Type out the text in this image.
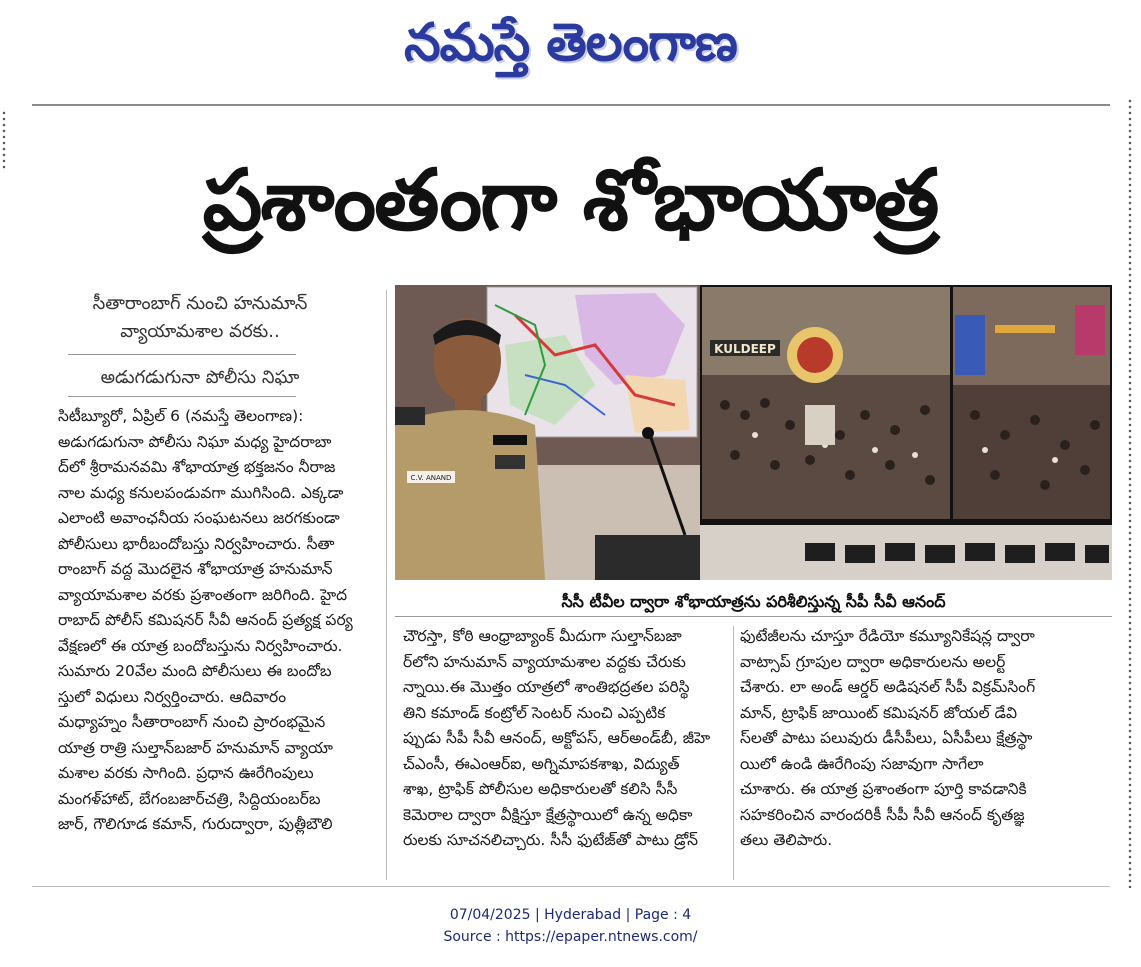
నమస్తే తెలంగాణ
ప్రశాంతంగా శోభాయాత్ర
సీతారాంబాగ్‌ నుంచి హనుమాన్‌ వ్యాయామశాల వరకు..
అడుగడుగునా పోలీసు నిఘా
సిటీబ్యూరో, ఏప్రిల్‌ 6 (నమస్తే తెలంగాణ):
అడుగడుగునా పోలీసు నిఘా మధ్య హైదరాబా
ద్‌లో శ్రీరామనవమి శోభాయాత్ర భక్తజనం నీరాజ
నాల మధ్య కనులపండువగా ముగిసింది. ఎక్కడా
ఎలాంటి అవాంఛనీయ సంఘటనలు జరగకుండా
పోలీసులు భారీబందోబస్తు నిర్వహించారు. సీతా
రాంబాగ్‌ వద్ద మొదలైన శోభాయాత్ర హనుమాన్‌
వ్యాయామశాల వరకు ప్రశాంతంగా జరిగింది. హైద
రాబాద్‌ పోలీస్‌ కమిషనర్‌ సీవీ ఆనంద్‌ ప్రత్యక్ష పర్య
వేక్షణలో ఈ యాత్ర బందోబస్తును నిర్వహించారు.
సుమారు 20వేల మంది పోలీసులు ఈ బందోబ
స్తులో విధులు నిర్వర్తించారు. ఆదివారం
మధ్యాహ్నం సీతారాంబాగ్‌ నుంచి ప్రారంభమైన
యాత్ర రాత్రి సుల్తాన్‌బజార్‌ హనుమాన్‌ వ్యాయా
మశాల వరకు సాగింది. ప్రధాన ఊరేగింపులు
మంగళ్‌హాట్‌, బేగంబజార్‌చత్రి, సిద్దియంబర్‌బ
జార్‌, గౌలిగూడ కమాన్‌, గురుద్వారా, పుత్లీబౌలి
KULDEEP
C.V. ANAND
సీసీ టీవీల ద్వారా శోభాయాత్రను పరిశీలిస్తున్న సీపీ సీవీ ఆనంద్‌
చౌరస్తా, కోఠి ఆంధ్రాబ్యాంక్‌ మీదుగా సుల్తాన్‌బజా
ర్‌లోని హనుమాన్‌ వ్యాయామశాల వద్దకు చేరుకు
న్నాయి.ఈ మొత్తం యాత్రలో శాంతిభద్రతల పరిస్థి
తిని కమాండ్‌ కంట్రోల్‌ సెంటర్‌ నుంచి ఎప్పటిక
ప్పుడు సీపీ సీవీ ఆనంద్‌, అక్టోపస్‌, ఆర్‌అండ్‌బీ, జీహె
చ్‌ఎంసీ, ఈఎంఆర్‌ఐ, అగ్నిమాపకశాఖ, విద్యుత్‌
శాఖ, ట్రాఫిక్‌ పోలీసుల అధికారులతో కలిసి సీసీ
కెమెరాల ద్వారా వీక్షిస్తూ క్షేత్రస్థాయిలో ఉన్న అధికా
రులకు సూచనలిచ్చారు. సీసీ ఫుటేజ్‌తో పాటు డ్రోన్‌
ఫుటేజీలను చూస్తూ రేడియో కమ్యూనికేషన్ల ద్వారా
వాట్సాప్‌ గ్రూపుల ద్వారా అధికారులను అలర్ట్‌
చేశారు. లా అండ్‌ ఆర్డర్‌ అడిషనల్‌ సీపీ విక్రమ్‌సింగ్‌
మాన్‌, ట్రాఫిక్‌ జాయింట్‌ కమిషనర్‌ జోయల్‌ డేవి
స్‌లతో పాటు పలువురు డీసీపీలు, ఏసీపీలు క్షేత్రస్థా
యిలో ఉండి ఊరేగింపు సజావుగా సాగేలా
చూశారు. ఈ యాత్ర ప్రశాంతంగా పూర్తి కావడానికి
సహకరించిన వారందరికీ సీపీ సీవీ ఆనంద్‌ కృతజ్ఞ
తలు తెలిపారు.
07/04/2025 | Hyderabad | Page : 4
Source : https://epaper.ntnews.com/
